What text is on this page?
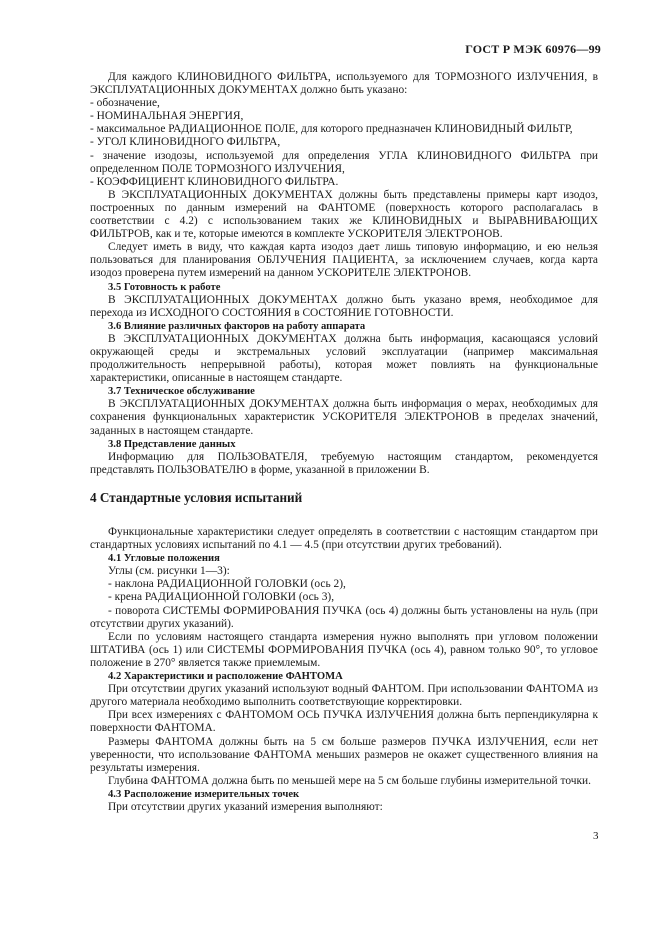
ГОСТ Р МЭК 60976—99

Для каждого КЛИНОВИДНОГО ФИЛЬТРА, используемого для ТОРМОЗНОГО ИЗЛУЧЕНИЯ, в ЭКСПЛУАТАЦИОННЫХ ДОКУМЕНТАХ должно быть указано:

- обозначение,

- НОМИНАЛЬНАЯ ЭНЕРГИЯ,

- максимальное РАДИАЦИОННОЕ ПОЛЕ, для которого предназначен КЛИНОВИДНЫЙ ФИЛЬТР,

- УГОЛ КЛИНОВИДНОГО ФИЛЬТРА,

- значение изодозы, используемой для определения УГЛА КЛИНОВИДНОГО ФИЛЬТРА при определенном ПОЛЕ ТОРМОЗНОГО ИЗЛУЧЕНИЯ,

- КОЭФФИЦИЕНТ КЛИНОВИДНОГО ФИЛЬТРА.

В ЭКСПЛУАТАЦИОННЫХ ДОКУМЕНТАХ должны быть представлены примеры карт изодоз, построенных по данным измерений на ФАНТОМЕ (поверхность которого располагалась в соответствии с 4.2) с использованием таких же КЛИНОВИДНЫХ и ВЫРАВНИВАЮЩИХ ФИЛЬТРОВ, как и те, которые имеются в комплекте УСКОРИТЕЛЯ ЭЛЕКТРОНОВ.

Следует иметь в виду, что каждая карта изодоз дает лишь типовую информацию, и ею нельзя пользоваться для планирования ОБЛУЧЕНИЯ ПАЦИЕНТА, за исключением случаев, когда карта изодоз проверена путем измерений на данном УСКОРИТЕЛЕ ЭЛЕКТРОНОВ.

3.5 Готовность к работе

В ЭКСПЛУАТАЦИОННЫХ ДОКУМЕНТАХ должно быть указано время, необходимое для перехода из ИСХОДНОГО СОСТОЯНИЯ в СОСТОЯНИЕ ГОТОВНОСТИ.

3.6 Влияние различных факторов на работу аппарата

В ЭКСПЛУАТАЦИОННЫХ ДОКУМЕНТАХ должна быть информация, касающаяся условий окружающей среды и экстремальных условий эксплуатации (например максимальная продолжительность непрерывной работы), которая может повлиять на функциональные характеристики, описанные в настоящем стандарте.

3.7 Техническое обслуживание

В ЭКСПЛУАТАЦИОННЫХ ДОКУМЕНТАХ должна быть информация о мерах, необходимых для сохранения функциональных характеристик УСКОРИТЕЛЯ ЭЛЕКТРОНОВ в пределах значений, заданных в настоящем стандарте.

3.8 Представление данных

Информацию для ПОЛЬЗОВАТЕЛЯ, требуемую настоящим стандартом, рекомендуется представлять ПОЛЬЗОВАТЕЛЮ в форме, указанной в приложении В.

4 Стандартные условия испытаний

Функциональные характеристики следует определять в соответствии с настоящим стандартом при стандартных условиях испытаний по 4.1 — 4.5 (при отсутствии других требований).

4.1 Угловые положения

Углы (см. рисунки 1—3):

- наклона РАДИАЦИОННОЙ ГОЛОВКИ (ось 2),

- крена РАДИАЦИОННОЙ ГОЛОВКИ (ось 3),

- поворота СИСТЕМЫ ФОРМИРОВАНИЯ ПУЧКА (ось 4) должны быть установлены на нуль (при отсутствии других указаний).

Если по условиям настоящего стандарта измерения нужно выполнять при угловом положении ШТАТИВА (ось 1) или СИСТЕМЫ ФОРМИРОВАНИЯ ПУЧКА (ось 4), равном только 90°, то угловое положение в 270° является также приемлемым.

4.2 Характеристики и расположение ФАНТОМА

При отсутствии других указаний используют водный ФАНТОМ. При использовании ФАНТОМА из другого материала необходимо выполнить соответствующие корректировки.

При всех измерениях с ФАНТОМОМ ОСЬ ПУЧКА ИЗЛУЧЕНИЯ должна быть перпендикулярна к поверхности ФАНТОМА.

Размеры ФАНТОМА должны быть на 5 см больше размеров ПУЧКА ИЗЛУЧЕНИЯ, если нет уверенности, что использование ФАНТОМА меньших размеров не окажет существенного влияния на результаты измерения.

Глубина ФАНТОМА должна быть по меньшей мере на 5 см больше глубины измерительной точки.

4.3 Расположение измерительных точек

При отсутствии других указаний измерения выполняют:

3
